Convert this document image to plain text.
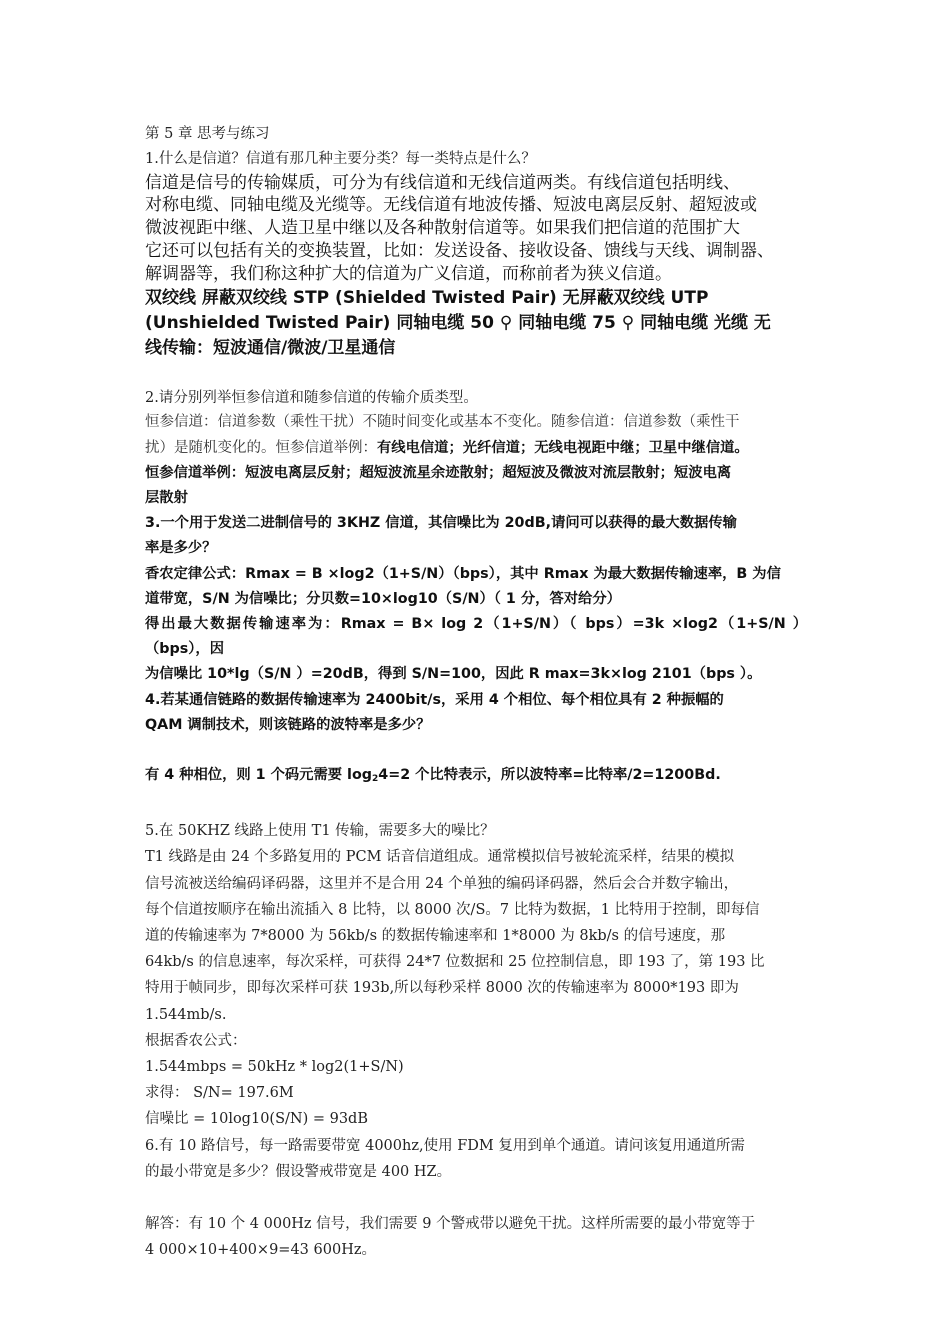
第 5 章 思考与练习

1.什么是信道？信道有那几种主要分类？每一类特点是什么？

信道是信号的传输媒质，可分为有线信道和无线信道两类。有线信道包括明线、

对称电缆、同轴电缆及光缆等。无线信道有地波传播、短波电离层反射、超短波或

微波视距中继、人造卫星中继以及各种散射信道等。如果我们把信道的范围扩大

它还可以包括有关的变换装置，比如：发送设备、接收设备、馈线与天线、调制器、

解调器等，我们称这种扩大的信道为广义信道，而称前者为狭义信道。

双绞线 屏蔽双绞线 STP (Shielded Twisted Pair) 无屏蔽双绞线 UTP

(Unshielded Twisted Pair) 同轴电缆 50 ⚲ 同轴电缆 75 ⚲ 同轴电缆 光缆 无

线传输：短波通信/微波/卫星通信

2.请分别列举恒参信道和随参信道的传输介质类型。

恒参信道：信道参数（乘性干扰）不随时间变化或基本不变化。随参信道：信道参数（乘性干

扰）是随机变化的。恒参信道举例：有线电信道；光纤信道；无线电视距中继；卫星中继信道。

恒参信道举例：短波电离层反射；超短波流星余迹散射；超短波及微波对流层散射；短波电离

层散射

3.一个用于发送二进制信号的 3KHZ 信道，其信噪比为 20dB,请问可以获得的最大数据传输

率是多少？

香农定律公式：Rmax = B ×log2（1+S/N）（bps），其中 Rmax 为最大数据传输速率，B 为信

道带宽，S/N 为信噪比；分贝数=10×log10（S/N）（ 1 分，答对给分）

得出最大数据传输速率为：Rmax = B× log 2（1+S/N）（ bps）=3k ×log2（1+S/N ）（bps），因

为信噪比 10*lg（S/N ）=20dB，得到 S/N=100，因此 R max=3k×log 2101（bps ）。

4.若某通信链路的数据传输速率为 2400bit/s，采用 4 个相位、每个相位具有 2 种振幅的

QAM 调制技术，则该链路的波特率是多少？

有 4 种相位，则 1 个码元需要 $\log_24=2$ 个比特表示，所以波特率=比特率/2=1200Bd.

5.在 50KHZ 线路上使用 T1 传输，需要多大的噪比？

T1 线路是由 24 个多路复用的 PCM 话音信道组成。通常模拟信号被轮流采样，结果的模拟

信号流被送给编码译码器，这里并不是合用 24 个单独的编码译码器，然后会合并数字输出，

每个信道按顺序在输出流插入 8 比特，以 8000 次/S。7 比特为数据，1 比特用于控制，即每信

道的传输速率为 7*8000 为 56kb/s 的数据传输速率和 1*8000 为 8kb/s 的信号速度，那

64kb/s 的信息速率，每次采样，可获得 24*7 位数据和 25 位控制信息，即 193 了，第 193 比

特用于帧同步，即每次采样可获 193b,所以每秒采样 8000 次的传输速率为 8000*193 即为

1.544mb/s.

根据香农公式：

1.544mbps = 50kHz * log2(1+S/N)

求得： S/N= 197.6M

信噪比 = 10log10(S/N) = 93dB

6.有 10 路信号，每一路需要带宽 4000hz,使用 FDM 复用到单个通道。请问该复用通道所需

的最小带宽是多少？假设警戒带宽是 400 HZ。

解答：有 10 个 4 000Hz 信号，我们需要 9 个警戒带以避免干扰。这样所需要的最小带宽等于

4 000×10+400×9=43 600Hz。
